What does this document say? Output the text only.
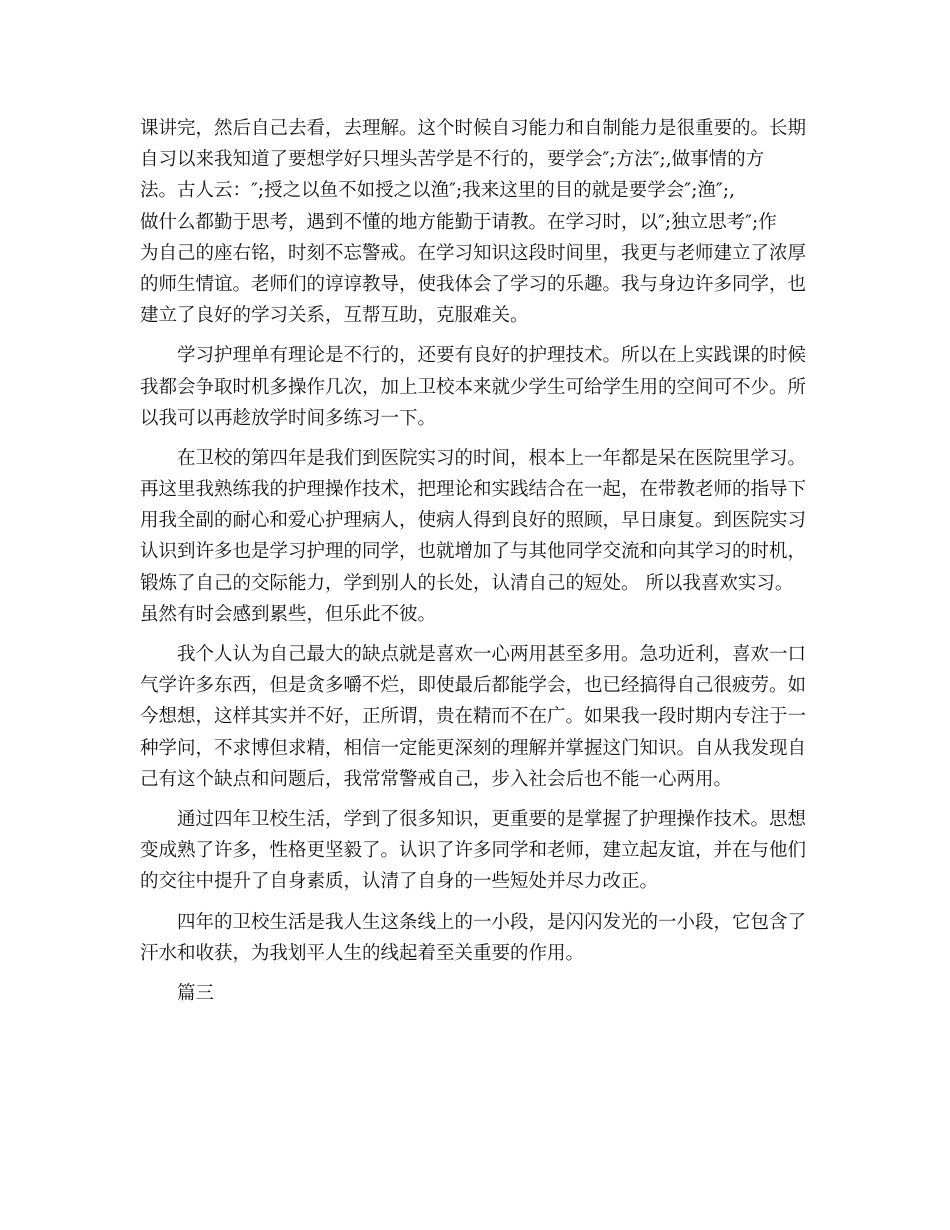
课讲完，然后自己去看，去理解。这个时候自习能力和自制能力是很重要的。长期
自习以来我知道了要想学好只埋头苦学是不行的，要学会″;方法″;,做事情的方
法。古人云：″;授之以鱼不如授之以渔″;我来这里的目的就是要学会″;渔″;,
做什么都勤于思考，遇到不懂的地方能勤于请教。在学习时，以″;独立思考″;作
为自己的座右铭，时刻不忘警戒。在学习知识这段时间里，我更与老师建立了浓厚
的师生情谊。老师们的谆谆教导，使我体会了学习的乐趣。我与身边许多同学，也
建立了良好的学习关系，互帮互助，克服难关。
学习护理单有理论是不行的，还要有良好的护理技术。所以在上实践课的时候
我都会争取时机多操作几次，加上卫校本来就少学生可给学生用的空间可不少。所
以我可以再趁放学时间多练习一下。
在卫校的第四年是我们到医院实习的时间，根本上一年都是呆在医院里学习。
再这里我熟练我的护理操作技术，把理论和实践结合在一起，在带教老师的指导下
用我全副的耐心和爱心护理病人，使病人得到良好的照顾，早日康复。到医院实习
认识到许多也是学习护理的同学，也就增加了与其他同学交流和向其学习的时机，
锻炼了自己的交际能力，学到别人的长处，认清自己的短处。 所以我喜欢实习。
虽然有时会感到累些，但乐此不彼。
我个人认为自己最大的缺点就是喜欢一心两用甚至多用。急功近利，喜欢一口
气学许多东西，但是贪多嚼不烂，即使最后都能学会，也已经搞得自己很疲劳。如
今想想，这样其实并不好，正所谓，贵在精而不在广。如果我一段时期内专注于一
种学问，不求博但求精，相信一定能更深刻的理解并掌握这门知识。自从我发现自
己有这个缺点和问题后，我常常警戒自己，步入社会后也不能一心两用。
通过四年卫校生活，学到了很多知识，更重要的是掌握了护理操作技术。思想
变成熟了许多，性格更坚毅了。认识了许多同学和老师，建立起友谊，并在与他们
的交往中提升了自身素质，认清了自身的一些短处并尽力改正。
四年的卫校生活是我人生这条线上的一小段，是闪闪发光的一小段，它包含了
汗水和收获，为我划平人生的线起着至关重要的作用。
篇三
